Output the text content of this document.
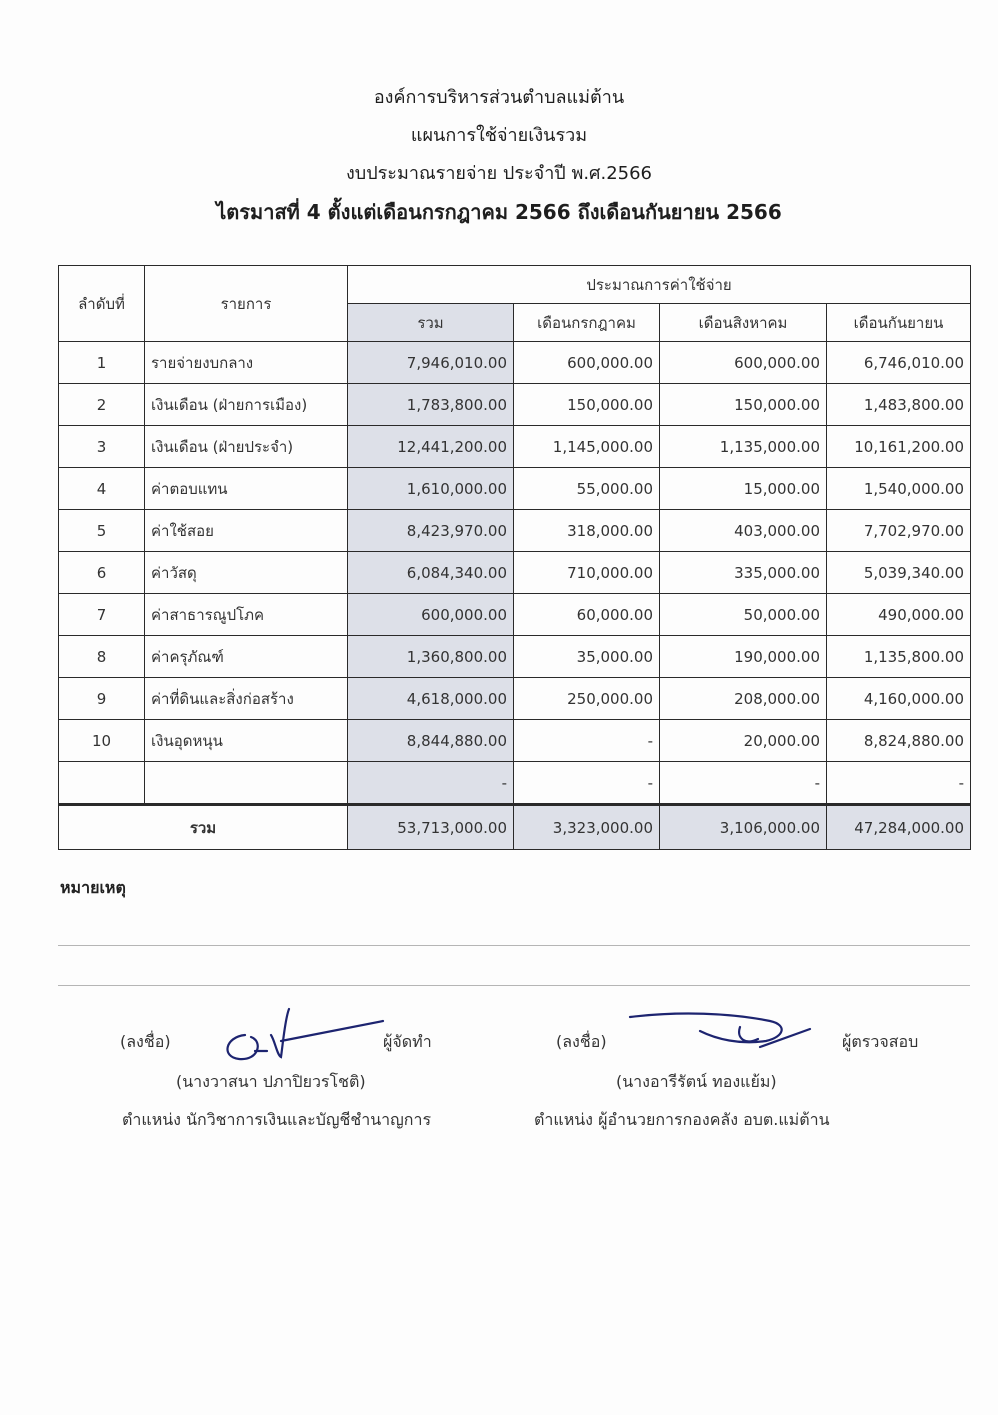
องค์การบริหารส่วนตำบลแม่ต้าน
แผนการใช้จ่ายเงินรวม
งบประมาณรายจ่าย ประจำปี พ.ศ.2566
ไตรมาสที่ 4 ตั้งแต่เดือนกรกฎาคม 2566 ถึงเดือนกันยายน 2566
ลำดับที่	รายการ	ประมาณการค่าใช้จ่าย			
		รวม	เดือนกรกฎาคม	เดือนสิงหาคม	เดือนกันยายน
1	รายจ่ายงบกลาง	7,946,010.00	600,000.00	600,000.00	6,746,010.00
2	เงินเดือน (ฝ่ายการเมือง)	1,783,800.00	150,000.00	150,000.00	1,483,800.00
3	เงินเดือน (ฝ่ายประจำ)	12,441,200.00	1,145,000.00	1,135,000.00	10,161,200.00
4	ค่าตอบแทน	1,610,000.00	55,000.00	15,000.00	1,540,000.00
5	ค่าใช้สอย	8,423,970.00	318,000.00	403,000.00	7,702,970.00
6	ค่าวัสดุ	6,084,340.00	710,000.00	335,000.00	5,039,340.00
7	ค่าสาธารณูปโภค	600,000.00	60,000.00	50,000.00	490,000.00
8	ค่าครุภัณฑ์	1,360,800.00	35,000.00	190,000.00	1,135,800.00
9	ค่าที่ดินและสิ่งก่อสร้าง	4,618,000.00	250,000.00	208,000.00	4,160,000.00
10	เงินอุดหนุน	8,844,880.00	-	20,000.00	8,824,880.00
		-	-	-	-
รวม		53,713,000.00	3,323,000.00	3,106,000.00	47,284,000.00
หมายเหตุ
(ลงชื่อ)	ผู้จัดทำ
(นางวาสนา ปภาปิยวรโชติ)
ตำแหน่ง นักวิชาการเงินและบัญชีชำนาญการ
(ลงชื่อ)	ผู้ตรวจสอบ
(นางอารีรัตน์ ทองแย้ม)
ตำแหน่ง ผู้อำนวยการกองคลัง อบต.แม่ต้าน
